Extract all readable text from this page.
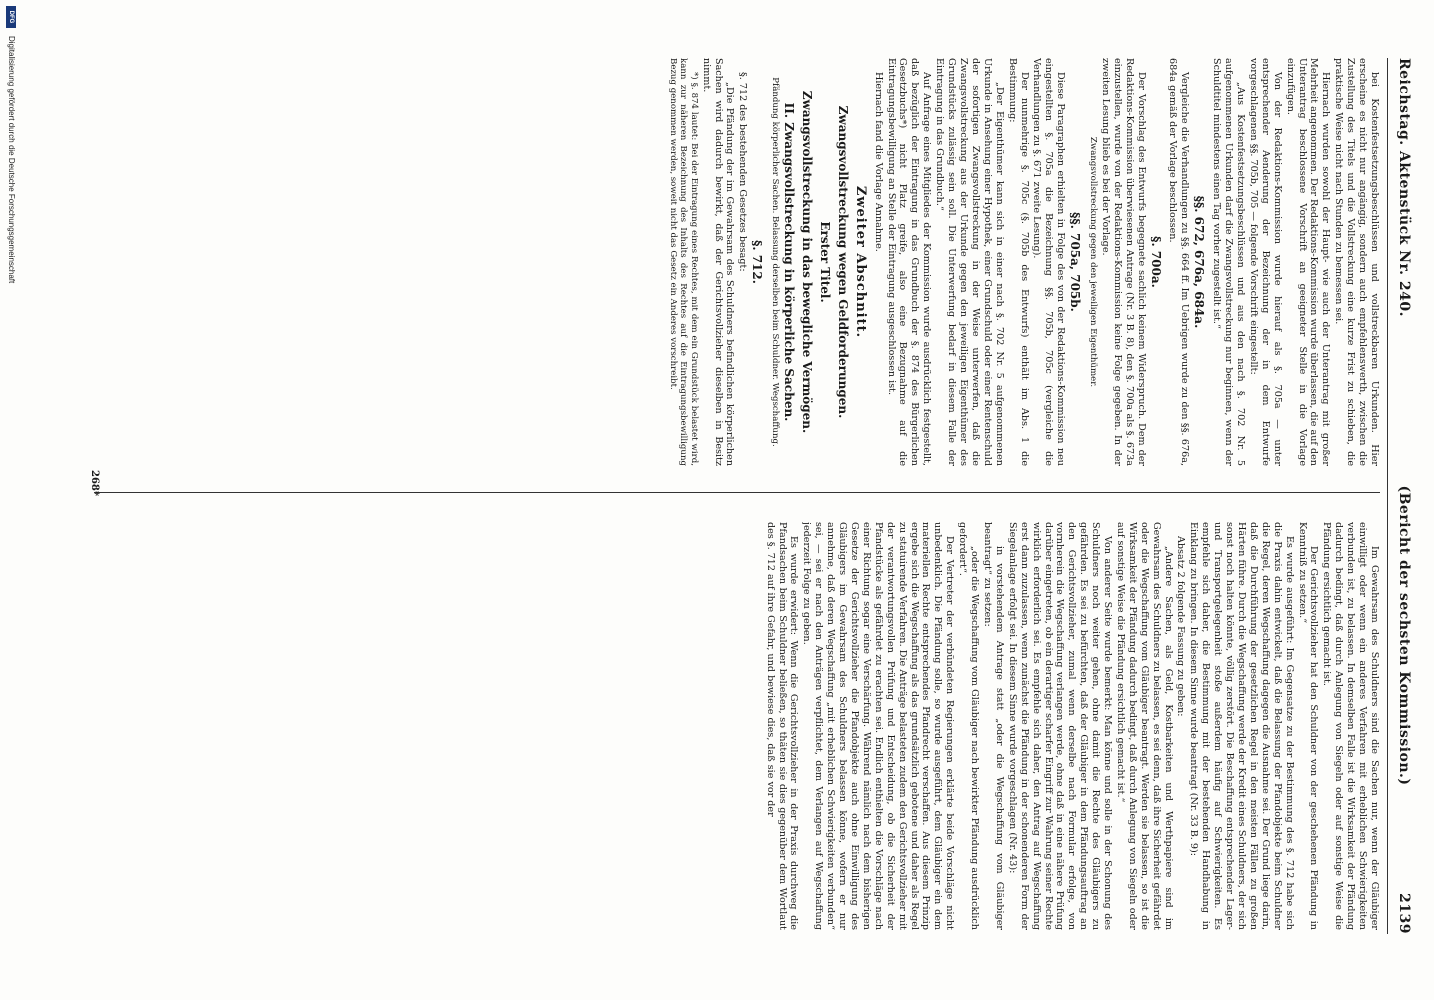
Reichstag. Aktenstück Nr. 240.
(Bericht der sechsten Kommission.)                    2139

bei Kostenfestsetzungsbeschlüssen und vollstreckbaren Urkunden. Hier erscheine es nicht nur angängig, sondern auch empfehlenswerth, zwischen die Zustellung des Titels und die Vollstreckung eine kurze Frist zu schieben, die praktische Weise nicht nach Stunden zu bemessen sei.

Hiernach wurden sowohl der Haupt- wie auch der Unterantrag mit großer Mehrheit angenommen. Der Redaktions-Kommission wurde überlassen, die auf den Unterantrag beschlossene Vorschrift an geeigneter Stelle in die Vorlage einzufügen.

Von der Redaktions-Kommission wurde hierauf als §. 705a — unter entsprechender Aenderung der Bezeichnung der in dem Entwurfe vorgeschlagenen §§. 705b, 705 — folgende Vorschrift eingestellt:

„Aus Kostenfestsetzungsbeschlüssen und aus den nach §. 702 Nr. 5 aufgenommenen Urkunden darf die Zwangsvollstreckung nur beginnen, wenn der Schuldtitel mindestens einen Tag vorher zugestellt ist.“

§§. 672, 676a, 684a.

Vergleiche die Verhandlungen zu §§. 664 ff. Im Uebrigen wurde zu den §§. 676a, 684a gemäß der Vorlage beschlossen.

§. 700a.

Der Vorschlag des Entwurfs begegnete sachlich keinem Widerspruch. Dem der Redaktions-Kommission überwiesenen Antrage (Nr. 3 B. 8), den §. 700a als §. 673a einzustellen, wurde von der Redaktions-Kommission keine Folge gegeben. In der zweiten Lesung blieb es bei der Vorlage.

Zwangsvollstreckung gegen den jeweiligen Eigenthümer.

§§. 705a, 705b.

Diese Paragraphen erhielten in Folge des von der Redaktions-Kommission neu eingestellten §. 705a die Bezeichnung §§. 705b, 705c (vergleiche die Verhandlungen zu §. 671 zweite Lesung).

Der nunmehrige §. 705c (§. 705b des Entwurfs) enthält im Abs. 1 die Bestimmung:

„Der Eigenthümer kann sich in einer nach §. 702 Nr. 5 aufgenommenen Urkunde in Ansehung einer Hypothek, einer Grundschuld oder einer Rentenschuld der sofortigen Zwangsvollstreckung in der Weise unterwerfen, daß die Zwangsvollstreckung aus der Urkunde gegen den jeweiligen Eigenthümer des Grundstücks zulässig sein soll. Die Unterwerfung bedarf in diesem Falle der Eintragung in das Grundbuch.“

Auf Anfrage eines Mitgliedes der Kommission wurde ausdrücklich festgestellt, daß bezüglich der Eintragung in das Grundbuch der §. 874 des Bürgerlichen Gesetzbuchs*) nicht Platz greife, also eine Bezugnahme auf die Eintragungsbewilligung an Stelle der Eintragung ausgeschlossen ist.

Hiernach fand die Vorlage Annahme.

Zweiter Abschnitt.
Zwangsvollstreckung wegen Geldforderungen.
Erster Titel.
Zwangsvollstreckung in das bewegliche Vermögen.
II. Zwangsvollstreckung in körperliche Sachen.

Pfändung körperlicher Sachen. Belassung derselben beim Schuldner. Wegschaffung.

§. 712.

§. 712 des bestehenden Gesetzes besagt:

„Die Pfändung der im Gewahrsam des Schuldners befindlichen körperlichen Sachen wird dadurch bewirkt, daß der Gerichtsvollzieher dieselben in Besitz nimmt.

*) §. 874 lautet: Bei der Eintragung eines Rechtes, mit dem ein Grundstück belastet wird, kann zur näheren Bezeichnung des Inhalts des Rechtes auf die Eintragungsbewilligung Bezug genommen werden, soweit nicht das Gesetz ein Anderes vorschreibt.

Im Gewahrsam des Schuldners sind die Sachen nur, wenn der Gläubiger einwilligt oder wenn ein anderes Verfahren mit erheblichen Schwierigkeiten verbunden ist, zu belassen. In demselben Falle ist die Wirksamkeit der Pfändung dadurch bedingt, daß durch Anlegung von Siegeln oder auf sonstige Weise die Pfändung ersichtlich gemacht ist.

Der Gerichtsvollzieher hat den Schuldner von der geschehenen Pfändung in Kenntniß zu setzen.“

Es wurde ausgeführt: Im Gegensatze zu der Bestimmung des §. 712 habe sich die Praxis dahin entwickelt, daß die Belassung der Pfandobjekte beim Schuldner die Regel, deren Wegschaffung dagegen die Ausnahme sei. Der Grund liege darin, daß die Durchführung der gesetzlichen Regel in den meisten Fällen zu großen Härten führe. Durch die Wegschaffung werde der Kredit eines Schuldners, der sich sonst noch halten könnte, völlig zerstört. Die Beschaffung entsprechender Lager- und Transportgelegenheit stoße außerdem häufig auf Schwierigkeiten. Es empfehle sich daher, die Bestimmung mit der bestehenden Handhabung in Einklang zu bringen. In diesem Sinne wurde beantragt (Nr. 33 B. 9):

Absatz 2 folgende Fassung zu geben:

„Andere Sachen, als Geld, Kostbarkeiten und Werthpapiere sind im Gewahrsam des Schuldners zu belassen, es sei denn, daß ihre Sicherheit gefährdet oder die Wegschaffung vom Gläubiger beantragt. Werden sie belassen, so ist die Wirksamkeit der Pfändung dadurch bedingt, daß durch Anlegung von Siegeln oder auf sonstige Weise die Pfändung ersichtlich gemacht ist.“

Von anderer Seite wurde bemerkt: Man könne und solle in der Schonung des Schuldners noch weiter gehen, ohne damit die Rechte des Gläubigers zu gefährden. Es sei zu befürchten, daß der Gläubiger in dem Pfändungsauftrag an den Gerichtsvollzieher, zumal wenn derselbe nach Formular erfolge, von vornherein die Wegschaffung verlangen werde, ohne daß in eine nähere Prüfung darüber eingetreten, ob ein derartiger scharfer Eingriff zur Wahrung seiner Rechte wirklich erforderlich sei. Es empfehle sich daher, den Antrag auf Wegschaffung erst dann zuzulassen, wenn zunächst die Pfändung in der schonenderen Form der Siegelanlage erfolgt sei. In diesem Sinne wurde vorgeschlagen (Nr. 43):

in vorstehendem Antrage statt „oder die Wegschaffung vom Gläubiger beantragt“ zu setzen:

„oder die Wegschaffung vom Gläubiger nach bewirkter Pfändung ausdrücklich gefordert“.

Der Vertreter der verbündeten Regierungen erklärte beide Vorschläge nicht unbedenklich. Die Pfändung solle, so wurde ausgeführt, dem Gläubiger ein dem materiellen Rechte entsprechendes Pfandrecht verschaffen. Aus diesem Prinzip ergebe sich die Wegschaffung als das grundsätzlich gebotene und daher als Regel zu statuirende Verfahren. Die Anträge belasteten zudem den Gerichtsvollzieher mit der verantwortungsvollen Prüfung und Entscheidung, ob die Sicherheit der Pfandstücke als gefährdet zu erachten sei. Endlich enthielten die Vorschläge nach einer Richtung sogar eine Verschärfung. Während nämlich nach dem bisherigen Gesetze der Gerichtsvollzieher die Pfandobjekte auch ohne Einwilligung des Gläubigers im Gewahrsam des Schuldners belassen könne, wofern er nur annehme, daß deren Wegschaffung „mit erheblichen Schwierigkeiten verbunden“ sei, — sei er nach den Anträgen verpflichtet, dem Verlangen auf Wegschaffung jederzeit Folge zu geben.

Es wurde erwidert: Wenn die Gerichtsvollzieher in der Praxis durchweg die Pfandsachen beim Schuldner beließen, so thäten sie dies gegenüber dem Wortlaut des §. 712 auf ihre Gefahr, und bewiese dies, daß sie vor der

268*
DFG
Digitalisierung gefördert durch die Deutsche Forschungsgemeinschaft
